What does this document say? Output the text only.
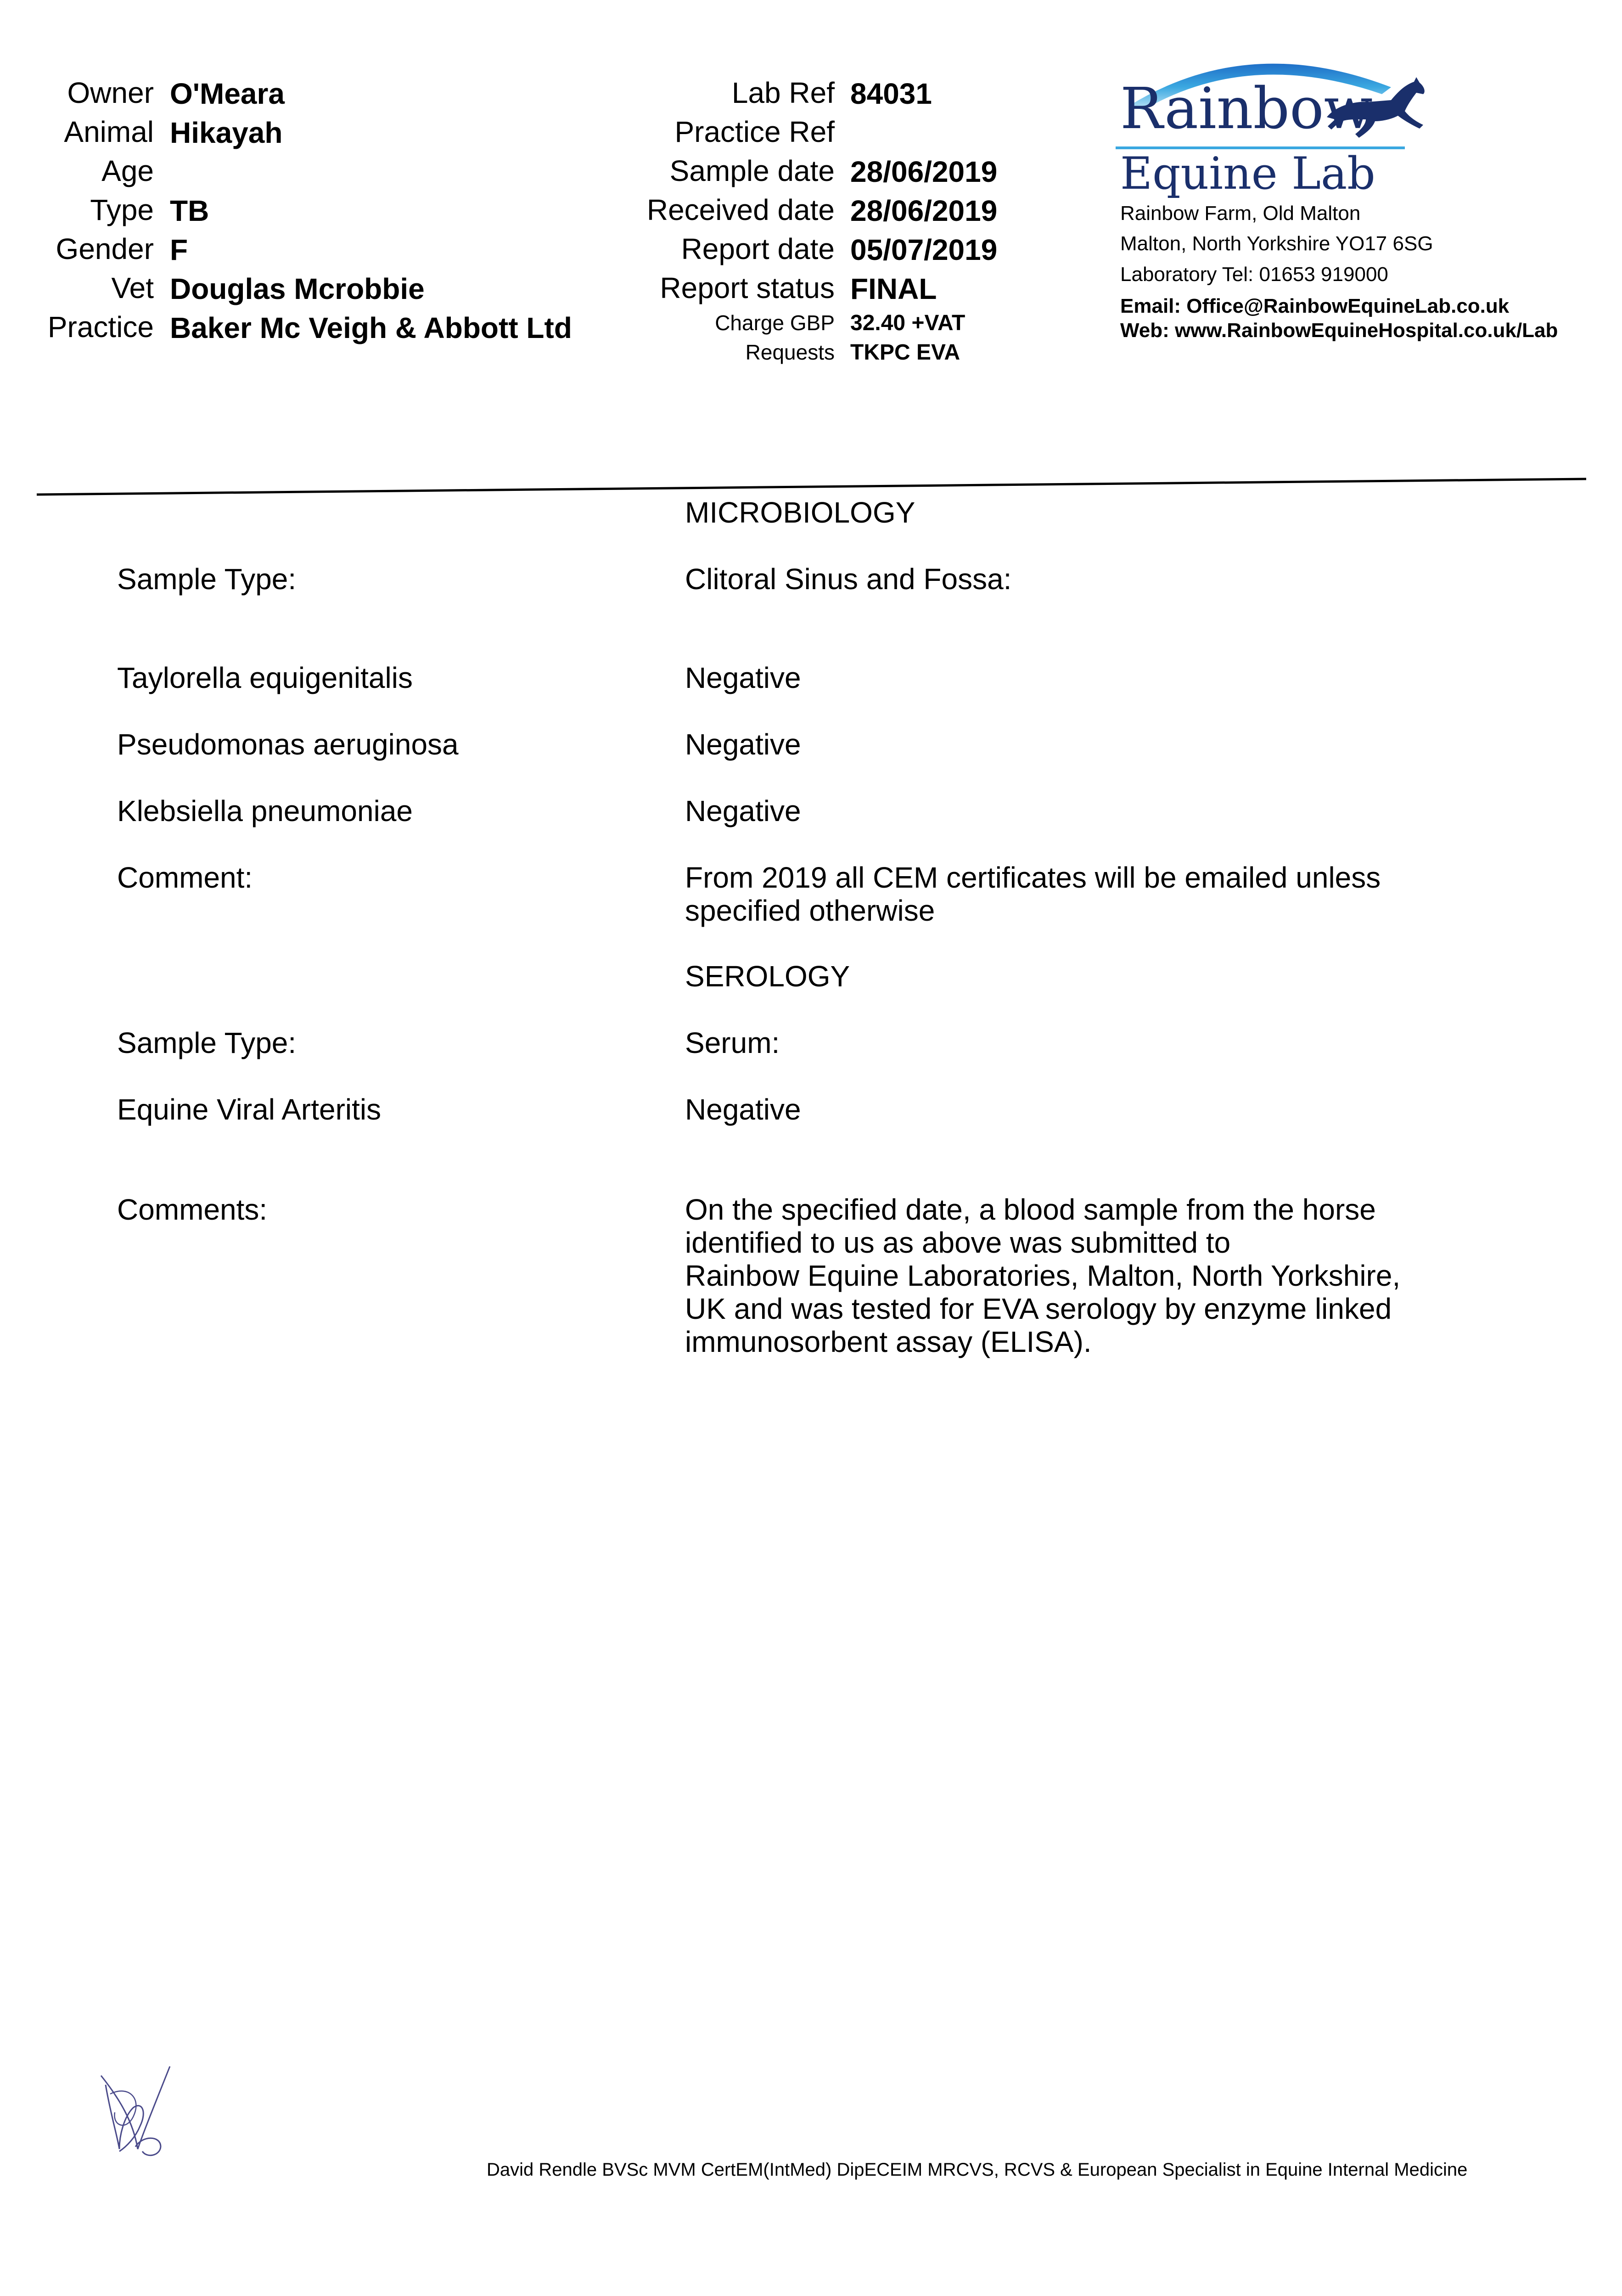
Owner O'Meara
Animal Hikayah
Age
Type TB
Gender F
Vet Douglas Mcrobbie
Practice Baker Mc Veigh & Abbott Ltd
Lab Ref 84031
Practice Ref
Sample date 28/06/2019
Received date 28/06/2019
Report date 05/07/2019
Report status FINAL
Charge GBP 32.40 +VAT
Requests TKPC EVA
Rainbow
Equine Lab
Rainbow Farm, Old Malton
Malton, North Yorkshire YO17 6SG
Laboratory Tel: 01653 919000
Email: Office@RainbowEquineLab.co.uk
Web: www.RainbowEquineHospital.co.uk/Lab
MICROBIOLOGY
Sample Type:	Clitoral Sinus and Fossa:
Taylorella equigenitalis	Negative
Pseudomonas aeruginosa	Negative
Klebsiella pneumoniae	Negative
Comment:	From 2019 all CEM certificates will be emailed unless
specified otherwise
SEROLOGY
Sample Type:	Serum:
Equine Viral Arteritis	Negative
Comments:	On the specified date, a blood sample from the horse
identified to us as above was submitted to
Rainbow Equine Laboratories, Malton, North Yorkshire,
UK and was tested for EVA serology by enzyme linked
immunosorbent assay (ELISA).
David Rendle BVSc MVM CertEM(IntMed) DipECEIM MRCVS, RCVS & European Specialist in Equine Internal Medicine
